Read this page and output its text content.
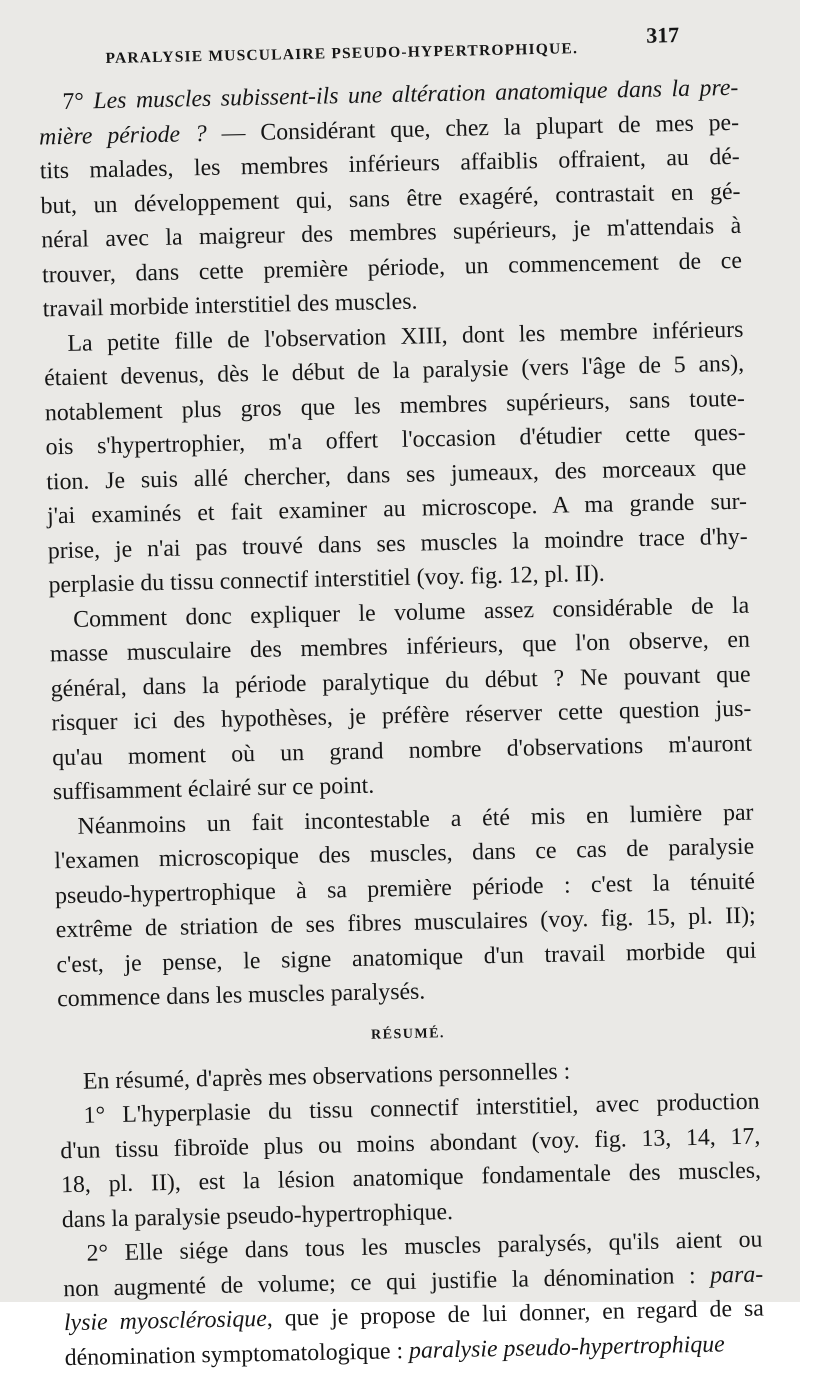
PARALYSIE MUSCULAIRE PSEUDO-HYPERTROPHIQUE.
317
7° Les muscles subissent-ils une altération anatomique dans la pre-
mière période ? — Considérant que, chez la plupart de mes pe-
tits malades, les membres inférieurs affaiblis offraient, au dé-
but, un développement qui, sans être exagéré, contrastait en gé-
néral avec la maigreur des membres supérieurs, je m'attendais à
trouver, dans cette première période, un commencement de ce
travail morbide interstitiel des muscles.
La petite fille de l'observation XIII, dont les membre inférieurs
étaient devenus, dès le début de la paralysie (vers l'âge de 5 ans),
notablement plus gros que les membres supérieurs, sans toute-
ois s'hypertrophier, m'a offert l'occasion d'étudier cette ques-
tion. Je suis allé chercher, dans ses jumeaux, des morceaux que
j'ai examinés et fait examiner au microscope. A ma grande sur-
prise, je n'ai pas trouvé dans ses muscles la moindre trace d'hy-
perplasie du tissu connectif interstitiel (voy. fig. 12, pl. II).
Comment donc expliquer le volume assez considérable de la
masse musculaire des membres inférieurs, que l'on observe, en
général, dans la période paralytique du début ? Ne pouvant que
risquer ici des hypothèses, je préfère réserver cette question jus-
qu'au moment où un grand nombre d'observations m'auront
suffisamment éclairé sur ce point.
Néanmoins un fait incontestable a été mis en lumière par
l'examen microscopique des muscles, dans ce cas de paralysie
pseudo-hypertrophique à sa première période : c'est la ténuité
extrême de striation de ses fibres musculaires (voy. fig. 15, pl. II);
c'est, je pense, le signe anatomique d'un travail morbide qui
commence dans les muscles paralysés.
RÉSUMÉ.
En résumé, d'après mes observations personnelles :
1° L'hyperplasie du tissu connectif interstitiel, avec production
d'un tissu fibroïde plus ou moins abondant (voy. fig. 13, 14, 17,
18, pl. II), est la lésion anatomique fondamentale des muscles,
dans la paralysie pseudo-hypertrophique.
2° Elle siége dans tous les muscles paralysés, qu'ils aient ou
non augmenté de volume; ce qui justifie la dénomination : para-
lysie myosclérosique, que je propose de lui donner, en regard de sa
dénomination symptomatologique : paralysie pseudo-hypertrophique
